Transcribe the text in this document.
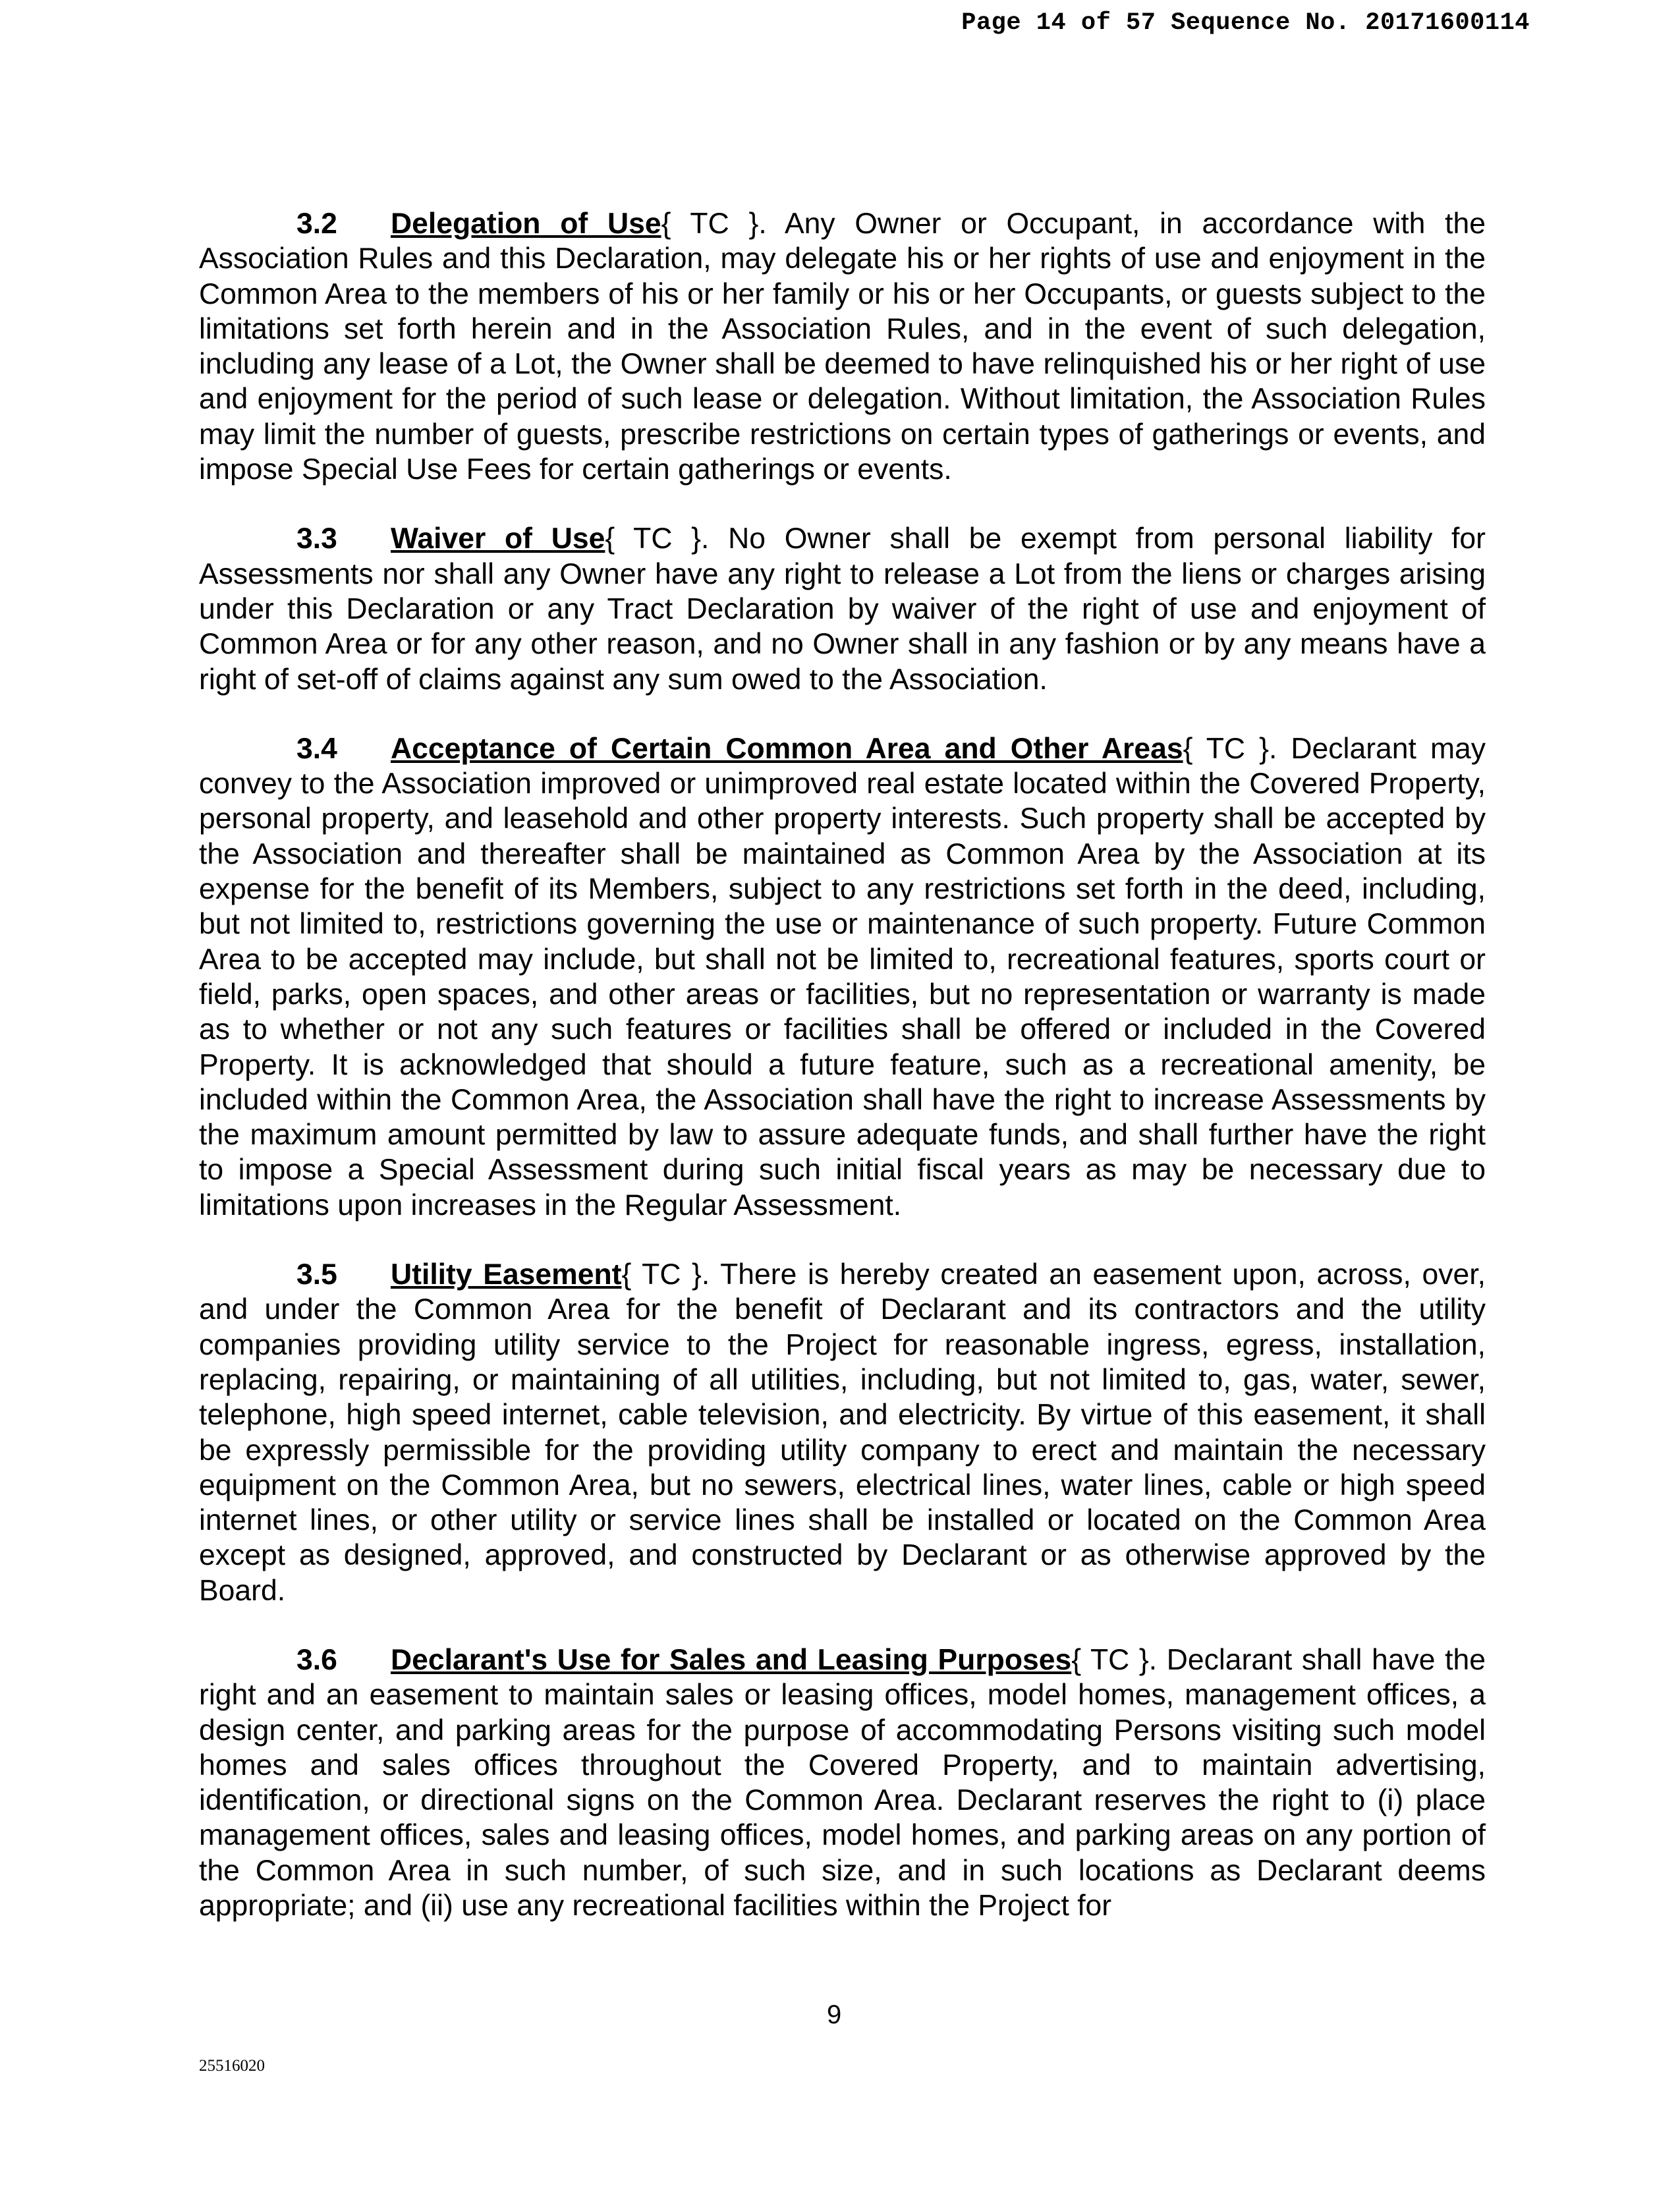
Page 14 of 57 Sequence No. 20171600114

3.2 Delegation of Use{ TC }. Any Owner or Occupant, in accordance with the Association Rules and this Declaration, may delegate his or her rights of use and enjoyment in the Common Area to the members of his or her family or his or her Occupants, or guests subject to the limitations set forth herein and in the Association Rules, and in the event of such delegation, including any lease of a Lot, the Owner shall be deemed to have relinquished his or her right of use and enjoyment for the period of such lease or delegation. Without limitation, the Association Rules may limit the number of guests, prescribe restrictions on certain types of gatherings or events, and impose Special Use Fees for certain gatherings or events.

3.3 Waiver of Use{ TC }. No Owner shall be exempt from personal liability for Assessments nor shall any Owner have any right to release a Lot from the liens or charges arising under this Declaration or any Tract Declaration by waiver of the right of use and enjoyment of Common Area or for any other reason, and no Owner shall in any fashion or by any means have a right of set-off of claims against any sum owed to the Association.

3.4 Acceptance of Certain Common Area and Other Areas{ TC }. Declarant may convey to the Association improved or unimproved real estate located within the Covered Property, personal property, and leasehold and other property interests. Such property shall be accepted by the Association and thereafter shall be maintained as Common Area by the Association at its expense for the benefit of its Members, subject to any restrictions set forth in the deed, including, but not limited to, restrictions governing the use or maintenance of such property. Future Common Area to be accepted may include, but shall not be limited to, recreational features, sports court or field, parks, open spaces, and other areas or facilities, but no representation or warranty is made as to whether or not any such features or facilities shall be offered or included in the Covered Property. It is acknowledged that should a future feature, such as a recreational amenity, be included within the Common Area, the Association shall have the right to increase Assessments by the maximum amount permitted by law to assure adequate funds, and shall further have the right to impose a Special Assessment during such initial fiscal years as may be necessary due to limitations upon increases in the Regular Assessment.

3.5 Utility Easement{ TC }. There is hereby created an easement upon, across, over, and under the Common Area for the benefit of Declarant and its contractors and the utility companies providing utility service to the Project for reasonable ingress, egress, installation, replacing, repairing, or maintaining of all utilities, including, but not limited to, gas, water, sewer, telephone, high speed internet, cable television, and electricity. By virtue of this easement, it shall be expressly permissible for the providing utility company to erect and maintain the necessary equipment on the Common Area, but no sewers, electrical lines, water lines, cable or high speed internet lines, or other utility or service lines shall be installed or located on the Common Area except as designed, approved, and constructed by Declarant or as otherwise approved by the Board.

3.6 Declarant's Use for Sales and Leasing Purposes{ TC }. Declarant shall have the right and an easement to maintain sales or leasing offices, model homes, management offices, a design center, and parking areas for the purpose of accommodating Persons visiting such model homes and sales offices throughout the Covered Property, and to maintain advertising, identification, or directional signs on the Common Area. Declarant reserves the right to (i) place management offices, sales and leasing offices, model homes, and parking areas on any portion of the Common Area in such number, of such size, and in such locations as Declarant deems appropriate; and (ii) use any recreational facilities within the Project for

9
25516020
